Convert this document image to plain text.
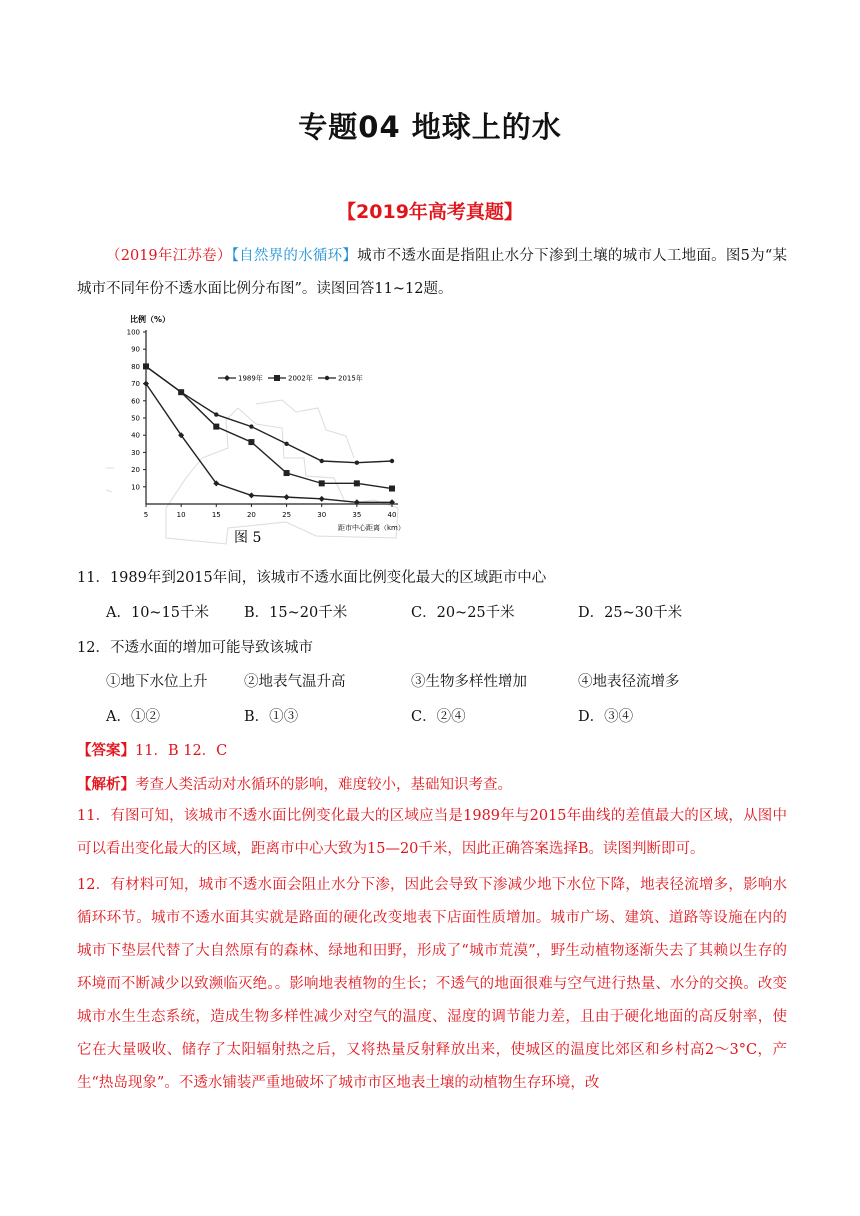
专题04 地球上的水
【2019年高考真题】
（2019年江苏卷）【自然界的水循环】城市不透水面是指阻止水分下渗到土壤的城市人工地面。图5为“某城市不同年份不透水面比例分布图”。读图回答11~12题。
比例（%）
10
20
30
40
50
60
70
80
90
100
5	10	15	20	25	30	35	40
1989年	2002年	2015年
距市中心距离（km）
图 5
11．1989年到2015年间，该城市不透水面比例变化最大的区域距市中心
A．10~15千米 B．15~20千米	C．20~25千米	D．25~30千米
12．不透水面的增加可能导致该城市
①地下水位上升	②地表气温升高	③生物多样性增加	④地表径流增多
A．①②	B．①③	C．②④	D．③④
【答案】11．B 12．C
【解析】考查人类活动对水循环的影响，难度较小，基础知识考查。
11．有图可知，该城市不透水面比例变化最大的区域应当是1989年与2015年曲线的差值最大的区域，从图中可以看出变化最大的区域，距离市中心大致为15—20千米，因此正确答案选择B。读图判断即可。
12．有材料可知，城市不透水面会阻止水分下渗，因此会导致下渗减少地下水位下降，地表径流增多，影响水循环环节。城市不透水面其实就是路面的硬化改变地表下店面性质增加。城市广场、建筑、道路等设施在内的城市下垫层代替了大自然原有的森林、绿地和田野，形成了“城市荒漠”，野生动植物逐渐失去了其赖以生存的环境而不断减少以致濒临灭绝。。影响地表植物的生长；不透气的地面很难与空气进行热量、水分的交换。改变城市水生生态系统，造成生物多样性减少对空气的温度、湿度的调节能力差，且由于硬化地面的高反射率，使它在大量吸收、储存了太阳辐射热之后，又将热量反射释放出来，使城区的温度比郊区和乡村高2～3°C，产生“热岛现象”。不透水铺装严重地破坏了城市市区地表土壤的动植物生存环境，改
